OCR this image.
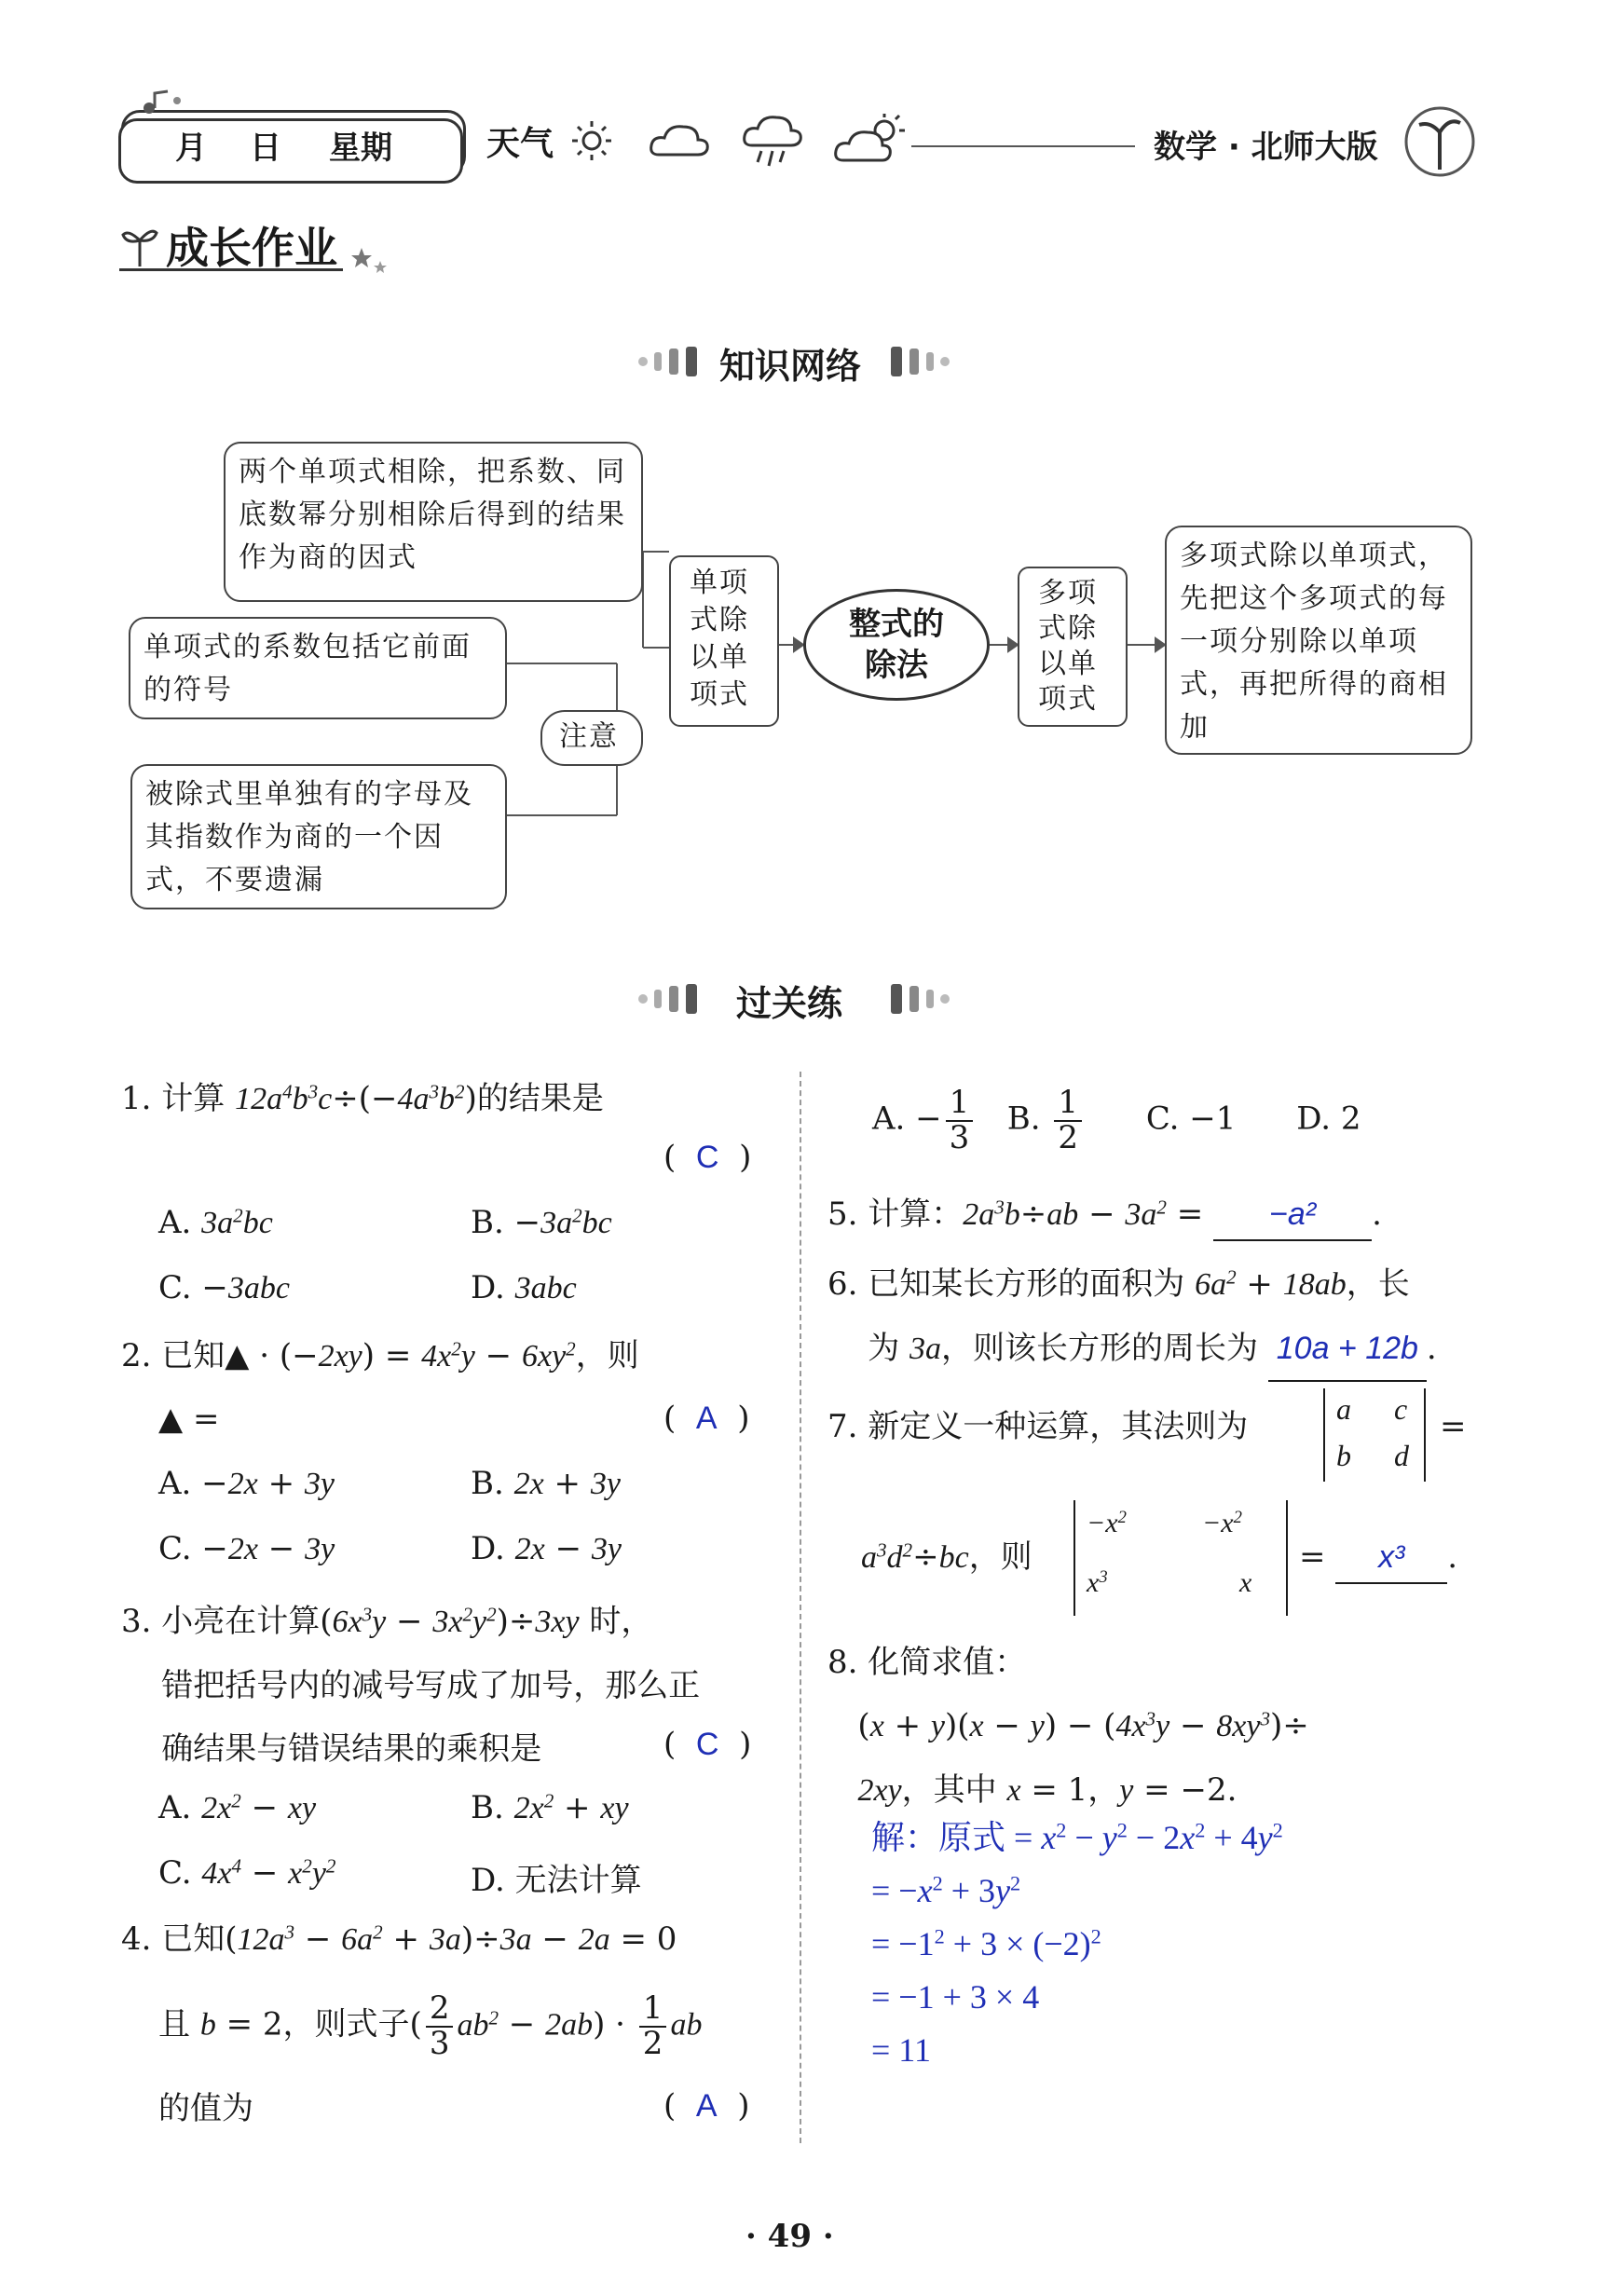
月 日 星期	天气	数学 · 北师大版
成长作业
知识网络
两个单项式相除，把系数、同底数幂分别相除后得到的结果作为商的因式
单项式的系数包括它前面的符号
注意
被除式里单独有的字母及其指数作为商的一个因式，不要遗漏
单项式除以单项式
整式的除法
多项式除以单项式
多项式除以单项式，先把这个多项式的每一项分别除以单项式，再把所得的商相加
过关练
1. 计算 $12a^4b^3c\div(-4a^3b^2)$的结果是
(  C  )
A. $3a^2bc$	B. $-3a^2bc$
C. −3abc	D. 3abc
2. 已知▲ · $(-2xy) = 4x^2y - 6xy^2$，则
▲ =	(  A  )
A. −2x + 3y	B. 2x + 3y
C. −2x − 3y	D. 2x − 3y
3. 小亮在计算$(6x^3y - 3x^2y^2)\div 3xy$ 时，
错把括号内的减号写成了加号，那么正
确结果与错误结果的乘积是	(  C  )
A. $2x^2$ − xy	B. $2x^2$ + xy
C. $4x^4 - x^2y^2$	D. 无法计算
4. 已知$(12a^3 - 6a^2 + 3a)\div 3a - 2a = 0$
且 b = 2，则式子( $\frac{2}{3} ab^2 - 2ab) \cdot \frac{1}{2}$ ab
的值为	(  A  )
A. − $\frac{1}{3} B$. $\frac{1}{2} C$. −1      D. 2
5. 计算：$2a^3b\div ab - 3a^2 = -a^2$ .
6. 已知某长方形的面积为 $6a^2 + 18ab$，长
为 3a，则该长方形的周长为 10a + 12b .
7. 新定义一种运算，其法则为	a c
b d
=
$a^3d^2\div bc$，则
$-x^2$	$-x^2$
$x^3$	x
= x³ .
8. 化简求值：
$(x + y)(x - y) - (4x^3y - 8xy^3)\div$
2xy，其中 x = 1，y = −2.
解：原式 = $x^2 - y^2 - 2x^2 + 4y^2$
= $-x^2 + 3y^2$
= $-1^2 + 3 \times (-2)^2$
= −1 + 3 × 4
= 11
· 49 ·
